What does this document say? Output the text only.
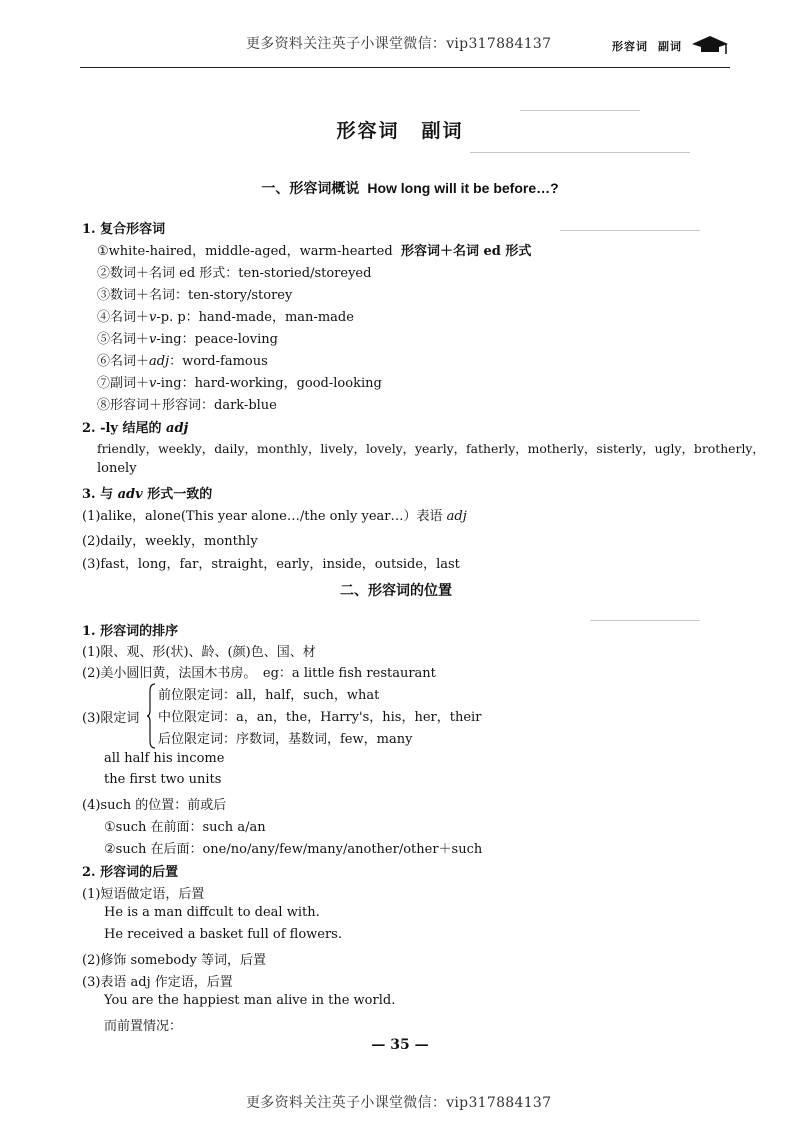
更多资料关注英子小课堂微信：vip317884137	形容词 副词
形容词 副词
一、形容词概说 How long will it be before…?
1. 复合形容词
①white-haired，middle-aged，warm-hearted 形容词＋名词 ed 形式
②数词＋名词 ed 形式：ten-storied/storeyed
③数词＋名词：ten-story/storey
④名词＋v-p. p：hand-made，man-made
⑤名词＋v-ing：peace-loving
⑥名词＋adj：word-famous
⑦副词＋v-ing：hard-working，good-looking
⑧形容词＋形容词：dark-blue
2. -ly 结尾的 adj
friendly，weekly，daily，monthly，lively，lovely，yearly，fatherly，motherly，sisterly，ugly，brotherly，
lonely
3. 与 adv 形式一致的
(1)alike，alone(This year alone…/the only year…）表语 adj
(2)daily，weekly，monthly
(3)fast，long，far，straight，early，inside，outside，last
二、形容词的位置
1. 形容词的排序
(1)限、观、形(状)、龄、(颜)色、国、材
(2)美小圆旧黄，法国木书房。　eg：a little fish restaurant
(3)限定词
前位限定词：all，half，such，what
中位限定词：a，an，the，Harry's，his，her，their
后位限定词：序数词，基数词，few，many
all half his income
the first two units
(4)such 的位置：前或后
①such 在前面：such a/an
②such 在后面：one/no/any/few/many/another/other＋such
2. 形容词的后置
(1)短语做定语，后置
He is a man diffcult to deal with.
He received a basket full of flowers.
(2)修饰 somebody 等词，后置
(3)表语 adj 作定语，后置
You are the happiest man alive in the world.
而前置情况：
— 35 —
更多资料关注英子小课堂微信：vip317884137
